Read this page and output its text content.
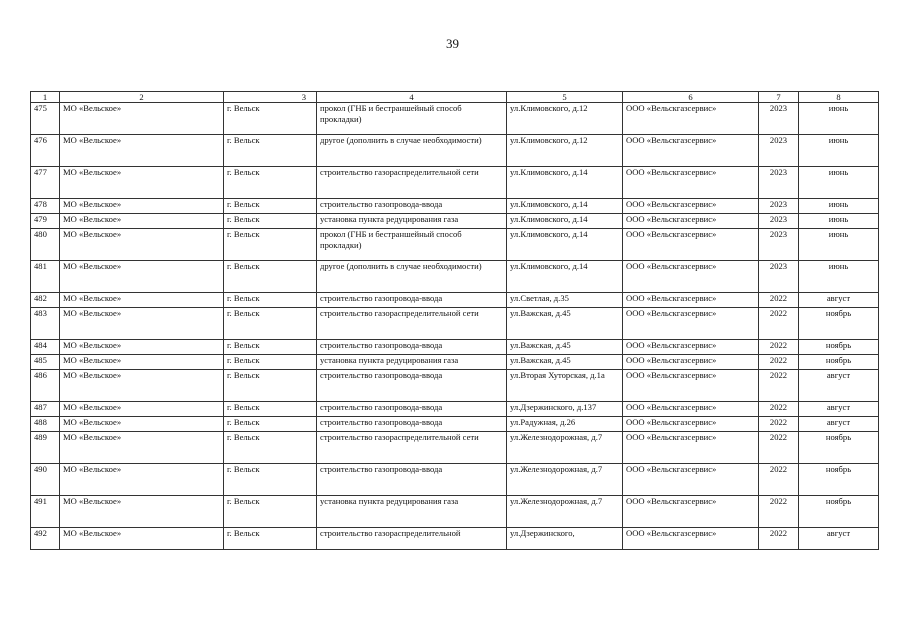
39
1	2	3	4	5	6	7	8
475	МО «Вельское»	г. Вельск	прокол (ГНБ и бестраншейный способ прокладки)	ул.Климовского, д.12	ООО «Вельскгазсервис»	2023	июнь
476	МО «Вельское»	г. Вельск	другое (дополнить в случае необходимости)	ул.Климовского, д.12	ООО «Вельскгазсервис»	2023	июнь
477	МО «Вельское»	г. Вельск	строительство газораспределительной сети	ул.Климовского, д.14	ООО «Вельскгазсервис»	2023	июнь
478	МО «Вельское»	г. Вельск	строительство газопровода-ввода	ул.Климовского, д.14	ООО «Вельскгазсервис»	2023	июнь
479	МО «Вельское»	г. Вельск	установка пункта редуцирования газа	ул.Климовского, д.14	ООО «Вельскгазсервис»	2023	июнь
480	МО «Вельское»	г. Вельск	прокол (ГНБ и бестраншейный способ прокладки)	ул.Климовского, д.14	ООО «Вельскгазсервис»	2023	июнь
481	МО «Вельское»	г. Вельск	другое (дополнить в случае необходимости)	ул.Климовского, д.14	ООО «Вельскгазсервис»	2023	июнь
482	МО «Вельское»	г. Вельск	строительство газопровода-ввода	ул.Светлая, д.35	ООО «Вельскгазсервис»	2022	август
483	МО «Вельское»	г. Вельск	строительство газораспределительной сети	ул.Важская, д.45	ООО «Вельскгазсервис»	2022	ноябрь
484	МО «Вельское»	г. Вельск	строительство газопровода-ввода	ул.Важская, д.45	ООО «Вельскгазсервис»	2022	ноябрь
485	МО «Вельское»	г. Вельск	установка пункта редуцирования газа	ул.Важская, д.45	ООО «Вельскгазсервис»	2022	ноябрь
486	МО «Вельское»	г. Вельск	строительство газопровода-ввода	ул.Вторая Хуторская, д.1а	ООО «Вельскгазсервис»	2022	август
487	МО «Вельское»	г. Вельск	строительство газопровода-ввода	ул.Дзержинского, д.137	ООО «Вельскгазсервис»	2022	август
488	МО «Вельское»	г. Вельск	строительство газопровода-ввода	ул.Радужная, д.26	ООО «Вельскгазсервис»	2022	август
489	МО «Вельское»	г. Вельск	строительство газораспределительной сети	ул.Железнодорожная, д.7	ООО «Вельскгазсервис»	2022	ноябрь
490	МО «Вельское»	г. Вельск	строительство газопровода-ввода	ул.Железнодорожная, д.7	ООО «Вельскгазсервис»	2022	ноябрь
491	МО «Вельское»	г. Вельск	установка пункта редуцирования газа	ул.Железнодорожная, д.7	ООО «Вельскгазсервис»	2022	ноябрь
492	МО «Вельское»	г. Вельск	строительство газораспределительной	ул.Дзержинского,	ООО «Вельскгазсервис»	2022	август
